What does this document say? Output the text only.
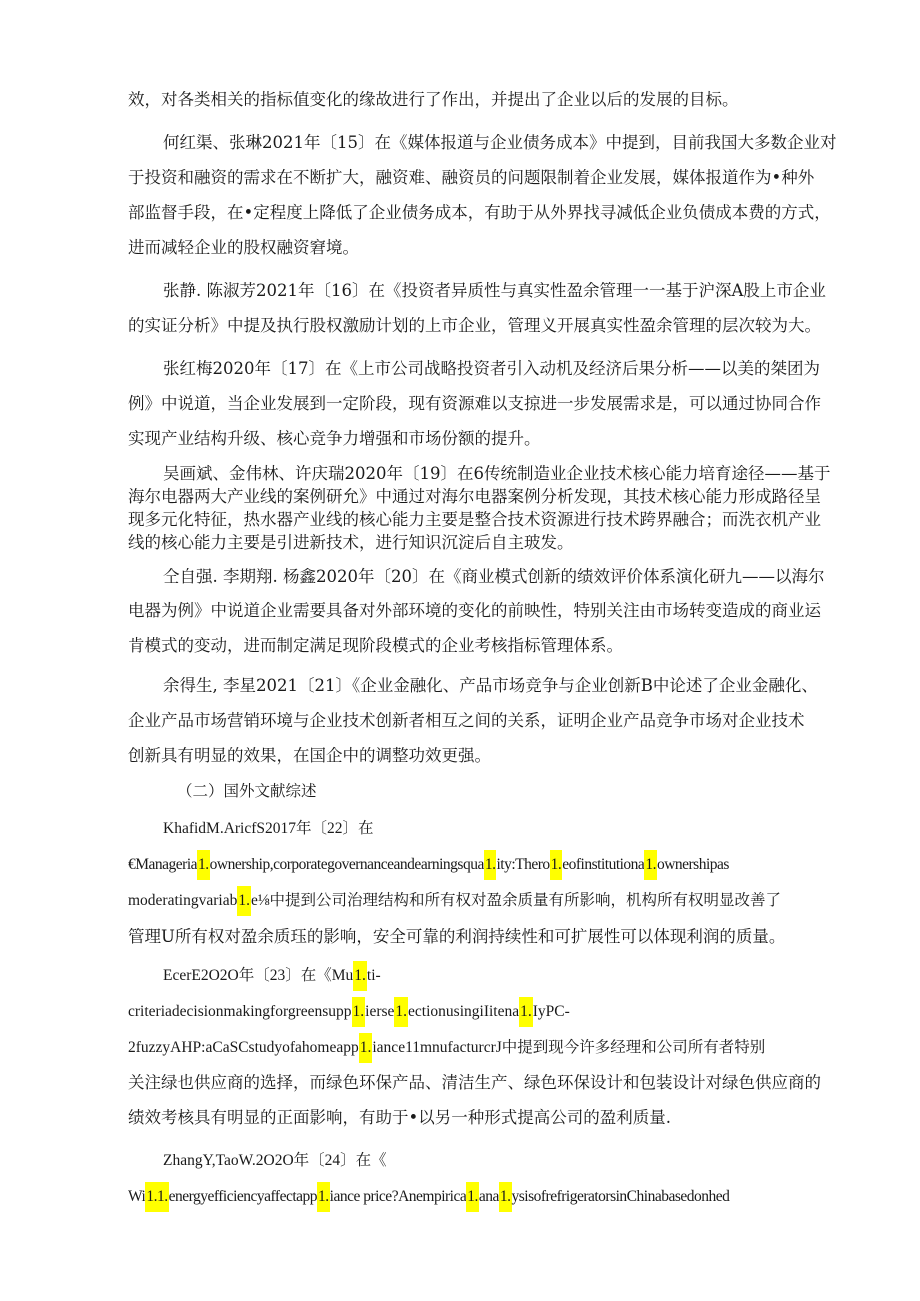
效，对各类相关的指标值变化的缘故进行了作出，并提出了企业以后的发展的目标。
何红渠、张琳2021年〔15〕在《媒体报道与企业债务成本》中提到，目前我国大多数企业对
于投资和融资的需求在不断扩大，融资难、融资员的问题限制着企业发展，媒体报道作为•种外
部监督手段，在•定程度上降低了企业债务成本，有助于从外界找寻减低企业负债成本费的方式，
进而减轻企业的股权融资窘境。
张静. 陈淑芳2021年〔16〕在《投资者异质性与真实性盈余管理一一基于沪深A股上市企业
的实证分析》中提及执行股权激励计划的上市企业，管理义开展真实性盈余管理的层次较为大。
张红梅2020年〔17〕在《上市公司战略投资者引入动机及经济后果分析——以美的桀团为
例》中说道，当企业发展到一定阶段，现有资源难以支掠进一步发展需求是，可以通过协同合作
实现产业结构升级、核心竞争力增强和市场份额的提升。
吴画斌、金伟林、许庆瑞2020年〔19〕在6传统制造业企业技术核心能力培育途径——基于
海尔电器两大产业线的案例研允》中通过对海尔电器案例分析发现，其技术核心能力形成路径呈
现多元化特征，热水器产业线的核心能力主要是整合技术资源进行技术跨界融合；而洗衣机产业
线的核心能力主要是引进新技术，进行知识沉淀后自主玻发。
仝自强. 李期翔. 杨鑫2020年〔20〕在《商业模式创新的绩效评价体系演化研九——以海尔
电器为例》中说道企业需要具备对外部环境的变化的前映性，特别关注由市场转变造成的商业运
肯模式的变动，进而制定满足现阶段模式的企业考核指标管理体系。
余得生, 李星2021〔21〕《企业金融化、产品市场竞争与企业创新B中论述了企业金融化、
企业产品市场营销环境与企业技术创新者相互之间的关系，证明企业产品竞争市场对企业技术
创新具有明显的效果，在国企中的调整功效更强。
（二）国外文献综述
KhafidM.AricfS2017年〔22〕在
€Manageria1.ownership,corporategovernanceandearningsqua1.ity:Thero1.eofinstitutiona1.ownershipas
moderatingvariab1.e⅛中提到公司治理结构和所有权对盈余质量有所影响，机构所有权明显改善了
管理U所有权对盈余质珏的影响，安全可靠的利润持续性和可扩展性可以体现利润的质量。
EcerE2O2O年〔23〕在《Mu1.ti-
criteriadecisionmakingforgreensupp1.ierse1.ectionusingiIitena1.IyPC-
2fuzzyAHP:aCaSCstudyofahomeapp1.iance11mnufacturcrJ中提到现今许多经理和公司所有者特别
关注绿也供应商的选择，而绿色环保产品、清洁生产、绿色环保设计和包装设计对绿色供应商的
绩效考核具有明显的正面影响，有助于•以另一种形式提高公司的盈利质量.
ZhangY,TaoW.2O2O年〔24〕在《
Wi1.1.energyefficiencyaffectapp1.iance price?Anempirica1.ana1.ysisofrefrigeratorsinChinabasedonhed
